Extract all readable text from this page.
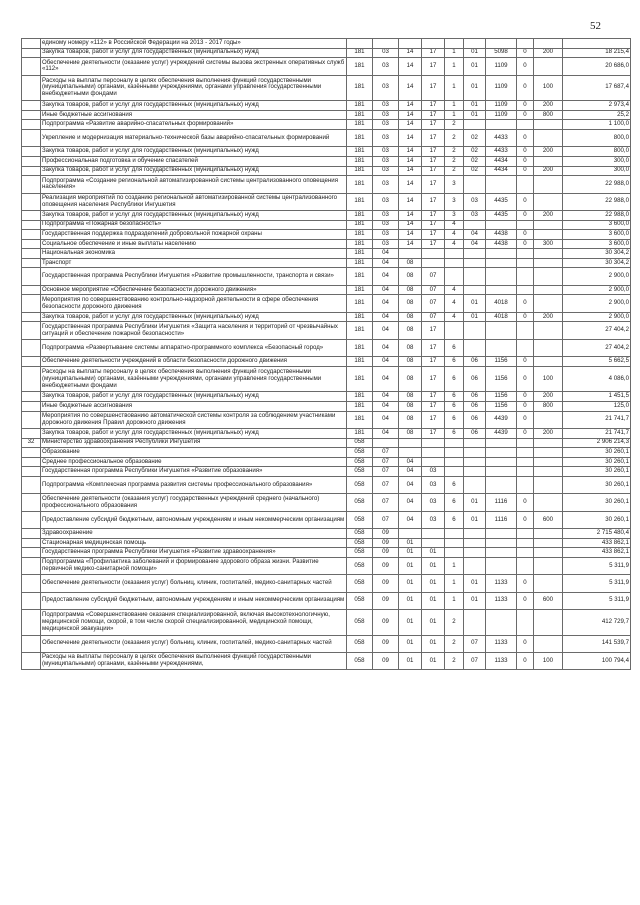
52
	единому номеру «112» в Российской Федерации на 2013 - 2017 годы»										
	Закупка товаров, работ и услуг для государственных (муниципальных) нужд	181	03	14	17	1	01	5098	0	200	18 215,4
	Обеспечение деятельности (оказание услуг) учреждений системы вызова экстренных оперативных служб «112»	181	03	14	17	1	01	1109	0		20 686,0
	Расходы на выплаты персоналу в целях обеспечения выполнения функций государственными (муниципальными) органами, казёнными учреждениями, органами управления государственными внебюджетными фондами	181	03	14	17	1	01	1109	0	100	17 687,4
	Закупка товаров, работ и услуг для государственных (муниципальных) нужд	181	03	14	17	1	01	1109	0	200	2 973,4
	Иные бюджетные ассигнования	181	03	14	17	1	01	1109	0	800	25,2
	Подпрограмма «Развитие аварийно-спасательных формирований»	181	03	14	17	2					1 100,0
	Укрепление и модернизация материально-технической базы аварийно-спасательных формирований	181	03	14	17	2	02	4433	0		800,0
	Закупка товаров, работ и услуг для государственных (муниципальных) нужд	181	03	14	17	2	02	4433	0	200	800,0
	Профессиональная подготовка и обучение спасателей	181	03	14	17	2	02	4434	0		300,0
	Закупка товаров, работ и услуг для государственных (муниципальных) нужд	181	03	14	17	2	02	4434	0	200	300,0
	Подпрограмма «Создание региональной автоматизированной системы централизованного оповещения населения»	181	03	14	17	3					22 988,0
	Реализация мероприятий по созданию региональной автоматизированной системы централизованного оповещения населения Республики Ингушетия	181	03	14	17	3	03	4435	0		22 988,0
	Закупка товаров, работ и услуг для государственных (муниципальных) нужд	181	03	14	17	3	03	4435	0	200	22 988,0
	Подпрограмма «Пожарная безопасность»	181	03	14	17	4					3 600,0
	Государственная поддержка подразделений добровольной пожарной охраны	181	03	14	17	4	04	4438	0		3 600,0
	Социальное обеспечение и иные выплаты населению	181	03	14	17	4	04	4438	0	300	3 600,0
	Национальная экономика	181	04								30 304,2
	Транспорт	181	04	08							30 304,2
	Государственная программа Республики Ингушетия «Развитие промышленности, транспорта и связи»	181	04	08	07						2 900,0
	Основное мероприятие «Обеспечение безопасности дорожного движения»	181	04	08	07	4					2 900,0
	Мероприятия по совершенствованию контрольно-надзорной деятельности в сфере обеспечения безопасности дорожного движения	181	04	08	07	4	01	4018	0		2 900,0
	Закупка товаров, работ и услуг для государственных (муниципальных) нужд	181	04	08	07	4	01	4018	0	200	2 900,0
	Государственная программа Республики Ингушетия «Защита населения и территорий от чрезвычайных ситуаций и обеспечение пожарной безопасности»	181	04	08	17						27 404,2
	Подпрограмма «Развертывание системы аппаратно-программного комплекса «Безопасный город»	181	04	08	17	6					27 404,2
	Обеспечение деятельности учреждений в области безопасности дорожного движения	181	04	08	17	6	06	1156	0		5 662,5
	Расходы на выплаты персоналу в целях обеспечения выполнения функций государственными (муниципальными) органами, казёнными учреждениями, органами управления государственными внебюджетными фондами	181	04	08	17	6	06	1156	0	100	4 086,0
	Закупка товаров, работ и услуг для государственных (муниципальных) нужд	181	04	08	17	6	06	1156	0	200	1 451,5
	Иные бюджетные ассигнования	181	04	08	17	6	06	1156	0	800	125,0
	Мероприятия по совершенствованию автоматической системы контроля за соблюдением участниками дорожного движения Правил дорожного движения	181	04	08	17	6	06	4439	0		21 741,7
	Закупка товаров, работ и услуг для государственных (муниципальных) нужд	181	04	08	17	6	06	4439	0	200	21 741,7
32	Министерство здравоохранения Республики Ингушетия	058									2 906 214,3
	Образование	058	07								30 260,1
	Среднее профессиональное образование	058	07	04							30 260,1
	Государственная программа Республики Ингушетия «Развитие образования»	058	07	04	03						30 260,1
	Подпрограмма «Комплексная программа развития системы профессионального образования»	058	07	04	03	6					30 260,1
	Обеспечение деятельности (оказания услуг) государственных учреждений среднего (начального) профессионального образования	058	07	04	03	6	01	1116	0		30 260,1
	Предоставление субсидий бюджетным, автономным учреждениям и иным некоммерческим организациям	058	07	04	03	6	01	1116	0	600	30 260,1
	Здравоохранение	058	09								2 715 480,4
	Стационарная медицинская помощь	058	09	01							433 862,1
	Государственная программа Республики Ингушетия «Развитие здравоохранения»	058	09	01	01						433 862,1
	Подпрограмма «Профилактика заболеваний и формирование здорового образа жизни. Развитие первичной медико-санитарной помощи»	058	09	01	01	1					5 311,9
	Обеспечение деятельности (оказания услуг) больниц, клиник, госпиталей, медико-санитарных частей	058	09	01	01	1	01	1133	0		5 311,9
	Предоставление субсидий бюджетным, автономным учреждениям и иным некоммерческим организациям	058	09	01	01	1	01	1133	0	600	5 311,9
	Подпрограмма «Совершенствование оказания специализированной, включая высокотехнологичную, медицинской помощи, скорой, в том числе скорой специализированной, медицинской помощи, медицинской эвакуации»	058	09	01	01	2					412 729,7
	Обеспечение деятельности (оказания услуг) больниц, клиник, госпиталей, медико-санитарных частей	058	09	01	01	2	07	1133	0		141 539,7
	Расходы на выплаты персоналу в целях обеспечения выполнения функций государственными (муниципальными) органами, казёнными учреждениями,	058	09	01	01	2	07	1133	0	100	100 794,4
